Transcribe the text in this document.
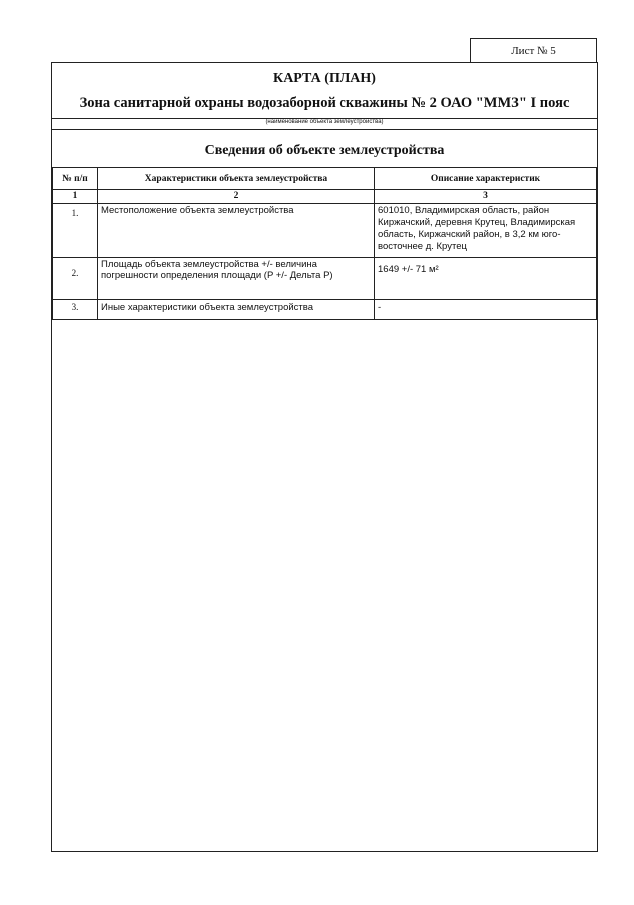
Лист № 5
КАРТА (ПЛАН)
Зона санитарной охраны водозаборной скважины № 2 ОАО "ММЗ" I пояс
(наименование объекта землеустройства)
Сведения об объекте землеустройства
№ п/п	Характеристики объекта землеустройства	Описание характеристик
1	2	3
1.	Местоположение объекта землеустройства	601010, Владимирская область, район Киржачский, деревня Крутец, Владимирская область, Киржачский район, в 3,2 км юго-восточнее д. Крутец
2.	Площадь объекта землеустройства +/- величина погрешности определения площади (P +/- Дельта P)	1649 +/- 71 м²
3.	Иные характеристики объекта землеустройства	-
